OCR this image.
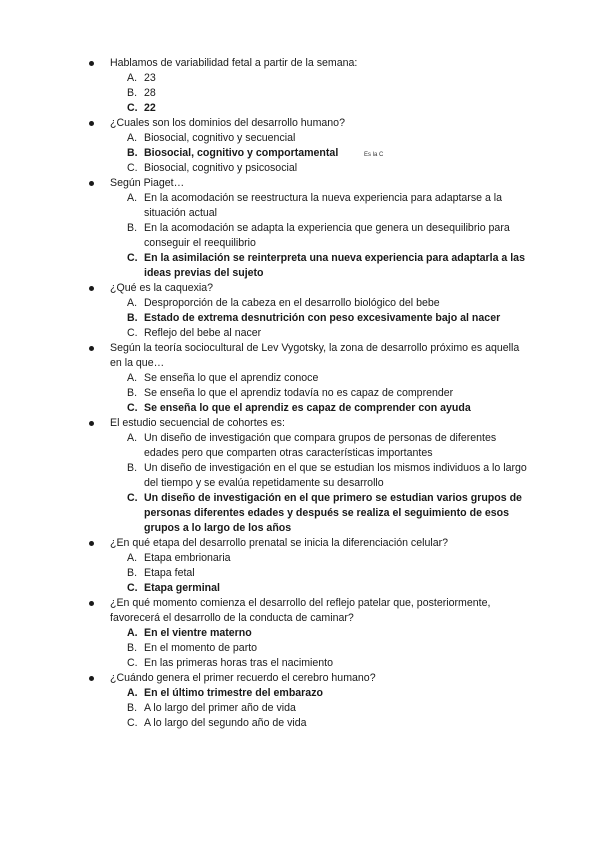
Hablamos de variabilidad fetal a partir de la semana:
A. 23
B. 28
C. 22
¿Cuales son los dominios del desarrollo humano?
A. Biosocial, cognitivo y secuencial
B. Biosocial, cognitivo y comportamental
C. Biosocial, cognitivo y psicosocial
Según Piaget…
A. En la acomodación se reestructura la nueva experiencia para adaptarse a la situación actual
B. En la acomodación se adapta la experiencia que genera un desequilibrio para conseguir el reequilibrio
C. En la asimilación se reinterpreta una nueva experiencia para adaptarla a las ideas previas del sujeto
¿Qué es la caquexia?
A. Desproporción de la cabeza en el desarrollo biológico del bebe
B. Estado de extrema desnutrición con peso excesivamente bajo al nacer
C. Reflejo del bebe al nacer
Según la teoría sociocultural de Lev Vygotsky, la zona de desarrollo próximo es aquella en la que…
A. Se enseña lo que el aprendiz conoce
B. Se enseña lo que el aprendiz todavía no es capaz de comprender
C. Se enseña lo que el aprendiz es capaz de comprender con ayuda
El estudio secuencial de cohortes es:
A. Un diseño de investigación que compara grupos de personas de diferentes edades pero que comparten otras características importantes
B. Un diseño de investigación en el que se estudian los mismos individuos a lo largo del tiempo y se evalúa repetidamente su desarrollo
C. Un diseño de investigación en el que primero se estudian varios grupos de personas diferentes edades y después se realiza el seguimiento de esos grupos a lo largo de los años
¿En qué etapa del desarrollo prenatal se inicia la diferenciación celular?
A. Etapa embrionaria
B. Etapa fetal
C. Etapa germinal
¿En qué momento comienza el desarrollo del reflejo patelar que, posteriormente, favorecerá el desarrollo de la conducta de caminar?
A. En el vientre materno
B. En el momento de parto
C. En las primeras horas tras el nacimiento
¿Cuándo genera el primer recuerdo el cerebro humano?
A. En el último trimestre del embarazo
B. A lo largo del primer año de vida
C. A lo largo del segundo año de vida
Es la C
